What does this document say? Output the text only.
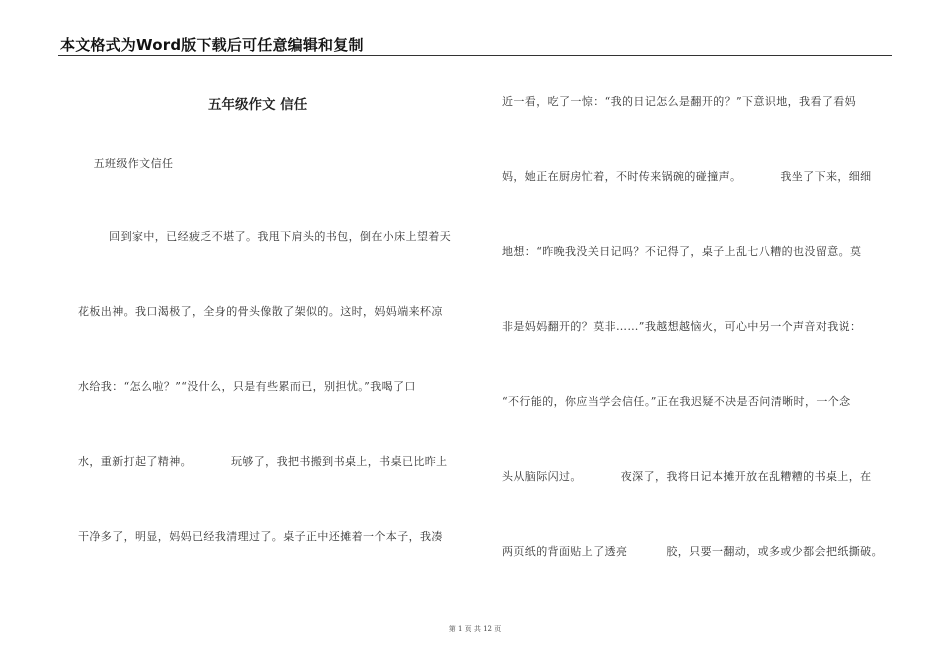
本文格式为Word版下载后可任意编辑和复制
五年级作文 信任
五班级作文信任
回到家中，已经疲乏不堪了。我甩下肩头的书包，倒在小床上望着天
花板出神。我口渴极了，全身的骨头像散了架似的。这时，妈妈端来杯凉
水给我：“怎么啦？”“没什么，只是有些累而已，别担忧。”我喝了口
水，重新打起了精神。          玩够了，我把书搬到书桌上，书桌已比昨上
干净多了，明显，妈妈已经我清理过了。桌子正中还摊着一个本子，我凑
近一看，吃了一惊：“我的日记怎么是翻开的？”下意识地，我看了看妈
妈，她正在厨房忙着，不时传来锅碗的碰撞声。          我坐了下来，细细
地想：“昨晚我没关日记吗？不记得了，桌子上乱七八糟的也没留意。莫
非是妈妈翻开的？莫非……”我越想越恼火，可心中另一个声音对我说：
“不行能的，你应当学会信任。”正在我迟疑不决是否问清晰时，一个念
头从脑际闪过。          夜深了，我将日记本摊开放在乱糟糟的书桌上，在
两页纸的背面贴上了透亮          胶，只要一翻动，或多或少都会把纸撕破。
第 1 页 共 12 页
